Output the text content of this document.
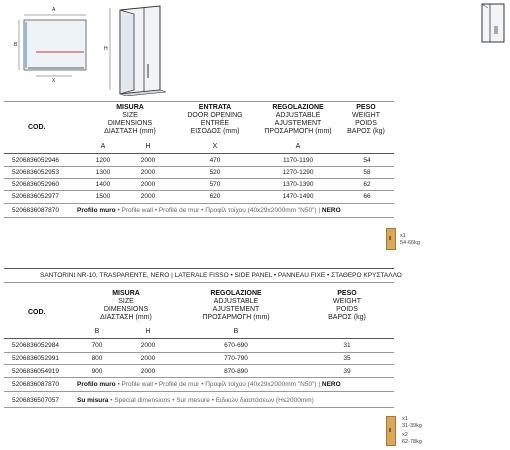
A
B
X
H
COD.
MISURA
SIZE
DIMENSIONS
ΔΙΑΣΤΑΣΗ (mm)
ENTRATA
DOOR OPENING
ENTRÉE
ΕΙΣΟΔΟΣ (mm)
REGOLAZIONE
ADJUSTABLE
AJUSTEMENT
ΠΡΟΣΑΡΜΟΓΗ (mm)
PESO
WEIGHT
POIDS
ΒΑΡΟΣ (kg)
A	H	X	A
5206836052946	1200	2000	470	1170-1190	54
5206836052953	1300	2000	520	1270-1290	58
5206836052960	1400	2000	570	1370-1390	62
5206836052977	1500	2000	620	1470-1490	66
5206836087870	Profilo muro • Profile wall • Profilé de mur • Προφίλ τοίχου (40x29x2000mm "N50") | NERO
x1
54-66kg
SANTORINI NR-10, TRASPARENTE, NERO | LATERALE FISSO • SIDE PANEL • PANNEAU FIXE • ΣΤΑΘΕΡΟ ΚΡΥΣΤΑΛΛΟ
COD.
MISURA
SIZE
DIMENSIONS
ΔΙΑΣΤΑΣΗ (mm)
REGOLAZIONE
ADJUSTABLE
AJUSTEMENT
ΠΡΟΣΑΡΜΟΓΗ (mm)
PESO
WEIGHT
POIDS
ΒΑΡΟΣ (kg)
B	H	B
5206836052984	700	2000	670-690	31
5206836052991	800	2000	770-790	35
5206836054919	900	2000	870-890	39
5206836087870	Profilo muro • Profile wall • Profilé de mur • Προφίλ τοίχου (40x29x2000mm "N50") | NERO
5206836507057	Su misura • Special dimensions • Sur mesure • Ειδικών διαστάσεων (H≤2000mm)
x1
31-39kg
x2
62-78kg
